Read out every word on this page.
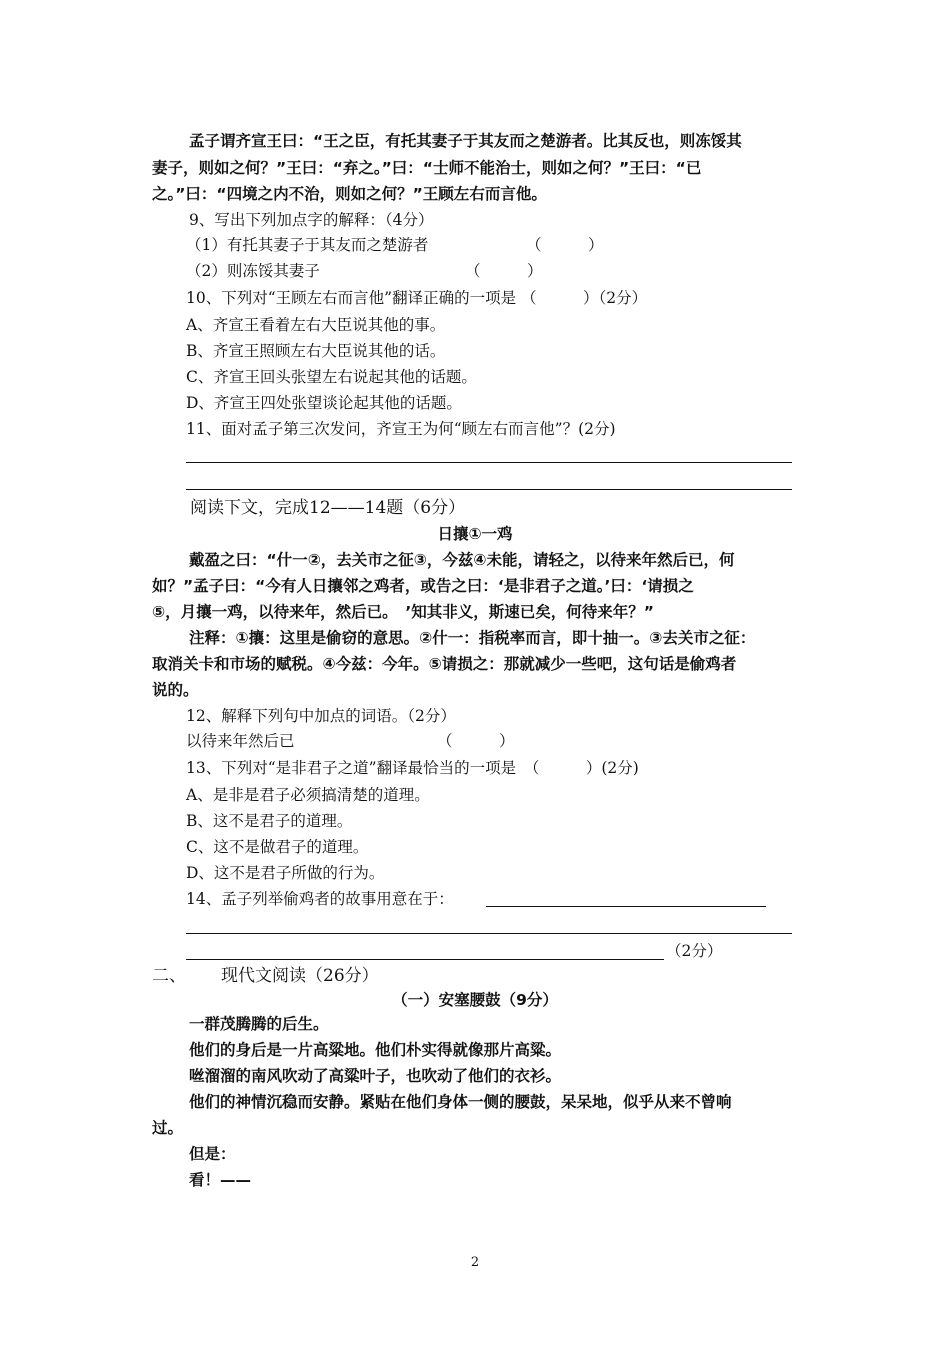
孟子谓齐宣王曰：“王之臣，有托其妻子于其友而之楚游者。比其反也，则冻馁其
妻子，则如之何？”王曰：“弃之。”曰：“士师不能治士，则如之何？”王曰：“已
之。”曰：“四境之内不治，则如之何？”王顾左右而言他。
9、写出下列加点字的解释：（4分）
（1）有托其妻子于其友而之楚游者	（　　　）
（2）则冻馁其妻子	（　　　）
10、下列对“王顾左右而言他”翻译正确的一项是 （　　　）（2分）
A、齐宣王看着左右大臣说其他的事。
B、齐宣王照顾左右大臣说其他的话。
C、齐宣王回头张望左右说起其他的话题。
D、齐宣王四处张望谈论起其他的话题。
11、面对孟子第三次发问，齐宣王为何“顾左右而言他”？(2分)
阅读下文，完成12——14题（6分）
日攘①一鸡
戴盈之曰：“什一②，去关市之征③，今兹④未能，请轻之，以待来年然后已，何
如？”孟子曰：“今有人日攘邻之鸡者，或告之曰：‘是非君子之道。’曰：‘请损之
⑤，月攘一鸡，以待来年，然后已。　’知其非义，斯速已矣，何待来年？”
注释：①攘：这里是偷窃的意思。②什一：指税率而言，即十抽一。③去关市之征：
取消关卡和市场的赋税。④今兹：今年。⑤请损之：那就减少一些吧，这句话是偷鸡者
说的。
12、解释下列句中加点的词语。（2分）
以待来年然后已	（　　　）
13、下列对“是非君子之道”翻译最恰当的一项是　（　　　）(2分)
A、是非是君子必须搞清楚的道理。
B、这不是君子的道理。
C、这不是做君子的道理。
D、这不是君子所做的行为。
14、孟子列举偷鸡者的故事用意在于：
（2分）
二、 现代文阅读（26分）
（一）安塞腰鼓（9分）
一群茂腾腾的后生。
他们的身后是一片高粱地。他们朴实得就像那片高粱。
咝溜溜的南风吹动了高粱叶子，也吹动了他们的衣衫。
他们的神情沉稳而安静。紧贴在他们身体一侧的腰鼓，呆呆地，似乎从来不曾响
过。
但是：
看！——
2
